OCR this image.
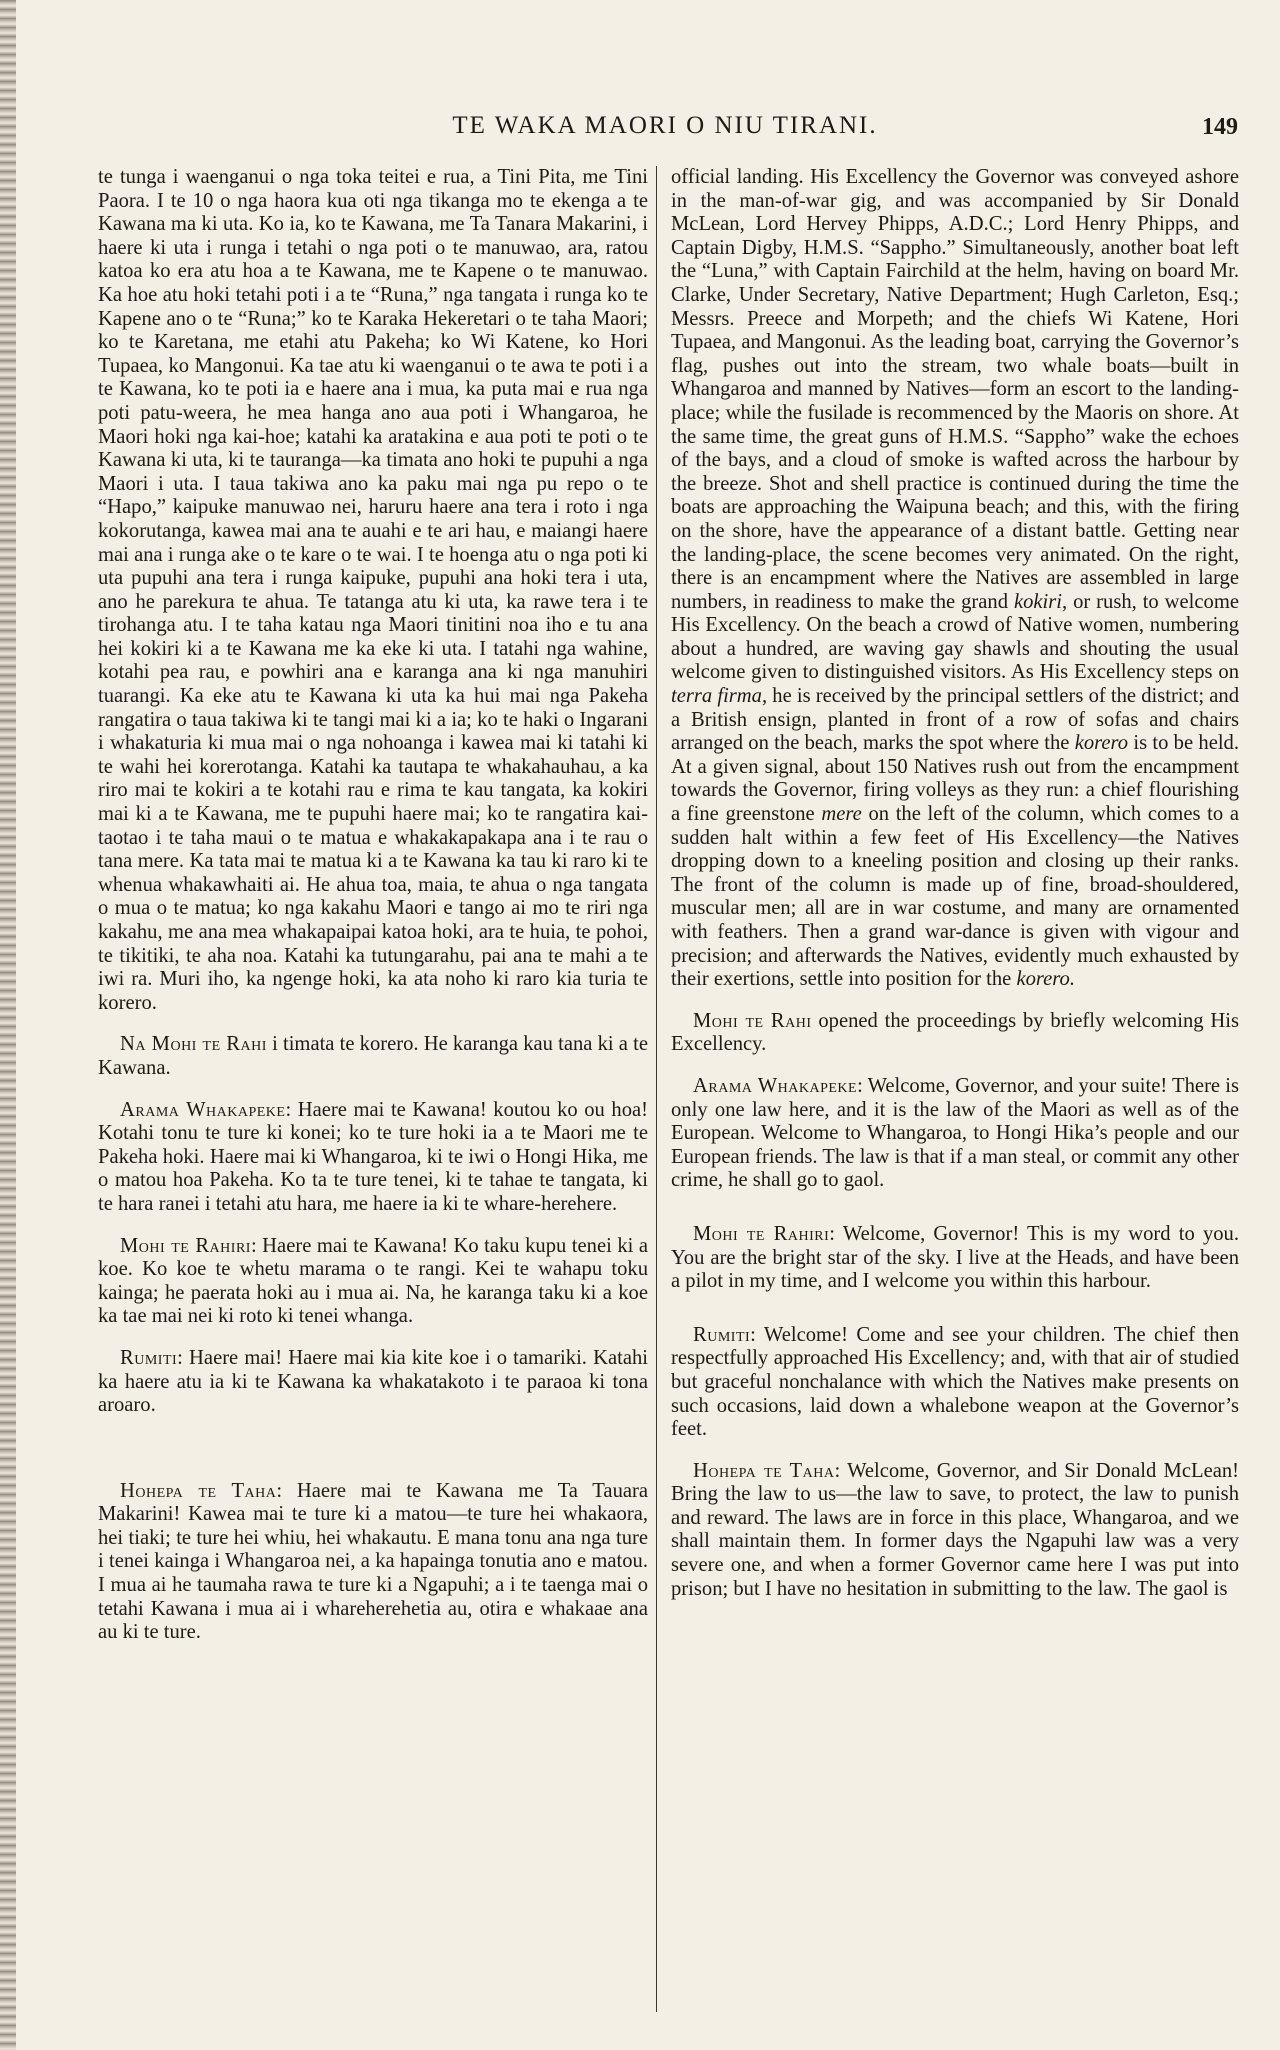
TE WAKA MAORI O NIU TIRANI.	149

te tunga i waenganui o nga toka teitei e rua, a Tini Pita, me Tini Paora. I te 10 o nga haora kua oti nga tikanga mo te ekenga a te Kawana ma ki uta. Ko ia, ko te Kawana, me Ta Tanara Makarini, i haere ki uta i runga i tetahi o nga poti o te manuwao, ara, ratou katoa ko era atu hoa a te Kawana, me te Kapene o te manuwao. Ka hoe atu hoki tetahi poti i a te “Runa,” nga tangata i runga ko te Kapene ano o te “Runa;” ko te Karaka Hekeretari o te taha Maori; ko te Karetana, me etahi atu Pakeha; ko Wi Katene, ko Hori Tupaea, ko Mangonui. Ka tae atu ki waenganui o te awa te poti i a te Kawana, ko te poti ia e haere ana i mua, ka puta mai e rua nga poti patu-weera, he mea hanga ano aua poti i Whangaroa, he Maori hoki nga kai-hoe; katahi ka aratakina e aua poti te poti o te Kawana ki uta, ki te tauranga—ka timata ano hoki te pupuhi a nga Maori i uta. I taua takiwa ano ka paku mai nga pu repo o te “Hapo,” kaipuke manuwao nei, haruru haere ana tera i roto i nga kokorutanga, kawea mai ana te auahi e te ari hau, e maiangi haere mai ana i runga ake o te kare o te wai. I te hoenga atu o nga poti ki uta pupuhi ana tera i runga kaipuke, pupuhi ana hoki tera i uta, ano he parekura te ahua. Te tatanga atu ki uta, ka rawe tera i te tirohanga atu. I te taha katau nga Maori tinitini noa iho e tu ana hei kokiri ki a te Kawana me ka eke ki uta. I tatahi nga wahine, kotahi pea rau, e powhiri ana e karanga ana ki nga manuhiri tuarangi. Ka eke atu te Kawana ki uta ka hui mai nga Pakeha rangatira o taua takiwa ki te tangi mai ki a ia; ko te haki o Ingarani i whakaturia ki mua mai o nga nohoanga i kawea mai ki tatahi ki te wahi hei korerotanga. Katahi ka tautapa te whakahauhau, a ka riro mai te kokiri a te kotahi rau e rima te kau tangata, ka kokiri mai ki a te Kawana, me te pupuhi haere mai; ko te rangatira kai-taotao i te taha maui o te matua e whakakapakapa ana i te rau o tana mere. Ka tata mai te matua ki a te Kawana ka tau ki raro ki te whenua whakawhaiti ai. He ahua toa, maia, te ahua o nga tangata o mua o te matua; ko nga kakahu Maori e tango ai mo te riri nga kakahu, me ana mea whakapaipai katoa hoki, ara te huia, te pohoi, te tikitiki, te aha noa. Katahi ka tutungarahu, pai ana te mahi a te iwi ra. Muri iho, ka ngenge hoki, ka ata noho ki raro kia turia te korero.

Na Mohi te Rahi i timata te korero. He karanga kau tana ki a te Kawana.

Arama Whakapeke: Haere mai te Kawana! koutou ko ou hoa! Kotahi tonu te ture ki konei; ko te ture hoki ia a te Maori me te Pakeha hoki. Haere mai ki Whangaroa, ki te iwi o Hongi Hika, me o matou hoa Pakeha. Ko ta te ture tenei, ki te tahae te tangata, ki te hara ranei i tetahi atu hara, me haere ia ki te whare-herehere.

Mohi te Rahiri: Haere mai te Kawana! Ko taku kupu tenei ki a koe. Ko koe te whetu marama o te rangi. Kei te wahapu toku kainga; he paerata hoki au i mua ai. Na, he karanga taku ki a koe ka tae mai nei ki roto ki tenei whanga.

Rumiti: Haere mai! Haere mai kia kite koe i o tamariki. Katahi ka haere atu ia ki te Kawana ka whakatakoto i te paraoa ki tona aroaro.

Hohepa te Taha: Haere mai te Kawana me Ta Tauara Makarini! Kawea mai te ture ki a matou—te ture hei whakaora, hei tiaki; te ture hei whiu, hei whakautu. E mana tonu ana nga ture i tenei kainga i Whangaroa nei, a ka hapainga tonutia ano e matou. I mua ai he taumaha rawa te ture ki a Ngapuhi; a i te taenga mai o tetahi Kawana i mua ai i whareherehetia au, otira e whakaae ana au ki te ture.

official landing. His Excellency the Governor was conveyed ashore in the man-of-war gig, and was accompanied by Sir Donald McLean, Lord Hervey Phipps, A.D.C.; Lord Henry Phipps, and Captain Digby, H.M.S. “Sappho.” Simultaneously, another boat left the “Luna,” with Captain Fairchild at the helm, having on board Mr. Clarke, Under Secretary, Native Department; Hugh Carleton, Esq.; Messrs. Preece and Morpeth; and the chiefs Wi Katene, Hori Tupaea, and Mangonui. As the leading boat, carrying the Governor’s flag, pushes out into the stream, two whale boats—built in Whangaroa and manned by Natives—form an escort to the landing-place; while the fusilade is recommenced by the Maoris on shore. At the same time, the great guns of H.M.S. “Sappho” wake the echoes of the bays, and a cloud of smoke is wafted across the harbour by the breeze. Shot and shell practice is continued during the time the boats are approaching the Waipuna beach; and this, with the firing on the shore, have the appearance of a distant battle. Getting near the landing-place, the scene becomes very animated. On the right, there is an encampment where the Natives are assembled in large numbers, in readiness to make the grand kokiri, or rush, to welcome His Excellency. On the beach a crowd of Native women, numbering about a hundred, are waving gay shawls and shouting the usual welcome given to distinguished visitors. As His Excellency steps on terra firma, he is received by the principal settlers of the district; and a British ensign, planted in front of a row of sofas and chairs arranged on the beach, marks the spot where the korero is to be held. At a given signal, about 150 Natives rush out from the encampment towards the Governor, firing volleys as they run: a chief flourishing a fine greenstone mere on the left of the column, which comes to a sudden halt within a few feet of His Excellency—the Natives dropping down to a kneeling position and closing up their ranks. The front of the column is made up of fine, broad-shouldered, muscular men; all are in war costume, and many are ornamented with feathers. Then a grand war-dance is given with vigour and precision; and afterwards the Natives, evidently much exhausted by their exertions, settle into position for the korero.

Mohi te Rahi opened the proceedings by briefly welcoming His Excellency.

Arama Whakapeke: Welcome, Governor, and your suite! There is only one law here, and it is the law of the Maori as well as of the European. Welcome to Whangaroa, to Hongi Hika’s people and our European friends. The law is that if a man steal, or commit any other crime, he shall go to gaol.

Mohi te Rahiri: Welcome, Governor! This is my word to you. You are the bright star of the sky. I live at the Heads, and have been a pilot in my time, and I welcome you within this harbour.

Rumiti: Welcome! Come and see your children. The chief then respectfully approached His Excellency; and, with that air of studied but graceful nonchalance with which the Natives make presents on such occasions, laid down a whalebone weapon at the Governor’s feet.

Hohepa te Taha: Welcome, Governor, and Sir Donald McLean! Bring the law to us—the law to save, to protect, the law to punish and reward. The laws are in force in this place, Whangaroa, and we shall maintain them. In former days the Ngapuhi law was a very severe one, and when a former Governor came here I was put into prison; but I have no hesitation in submitting to the law. The gaol is
